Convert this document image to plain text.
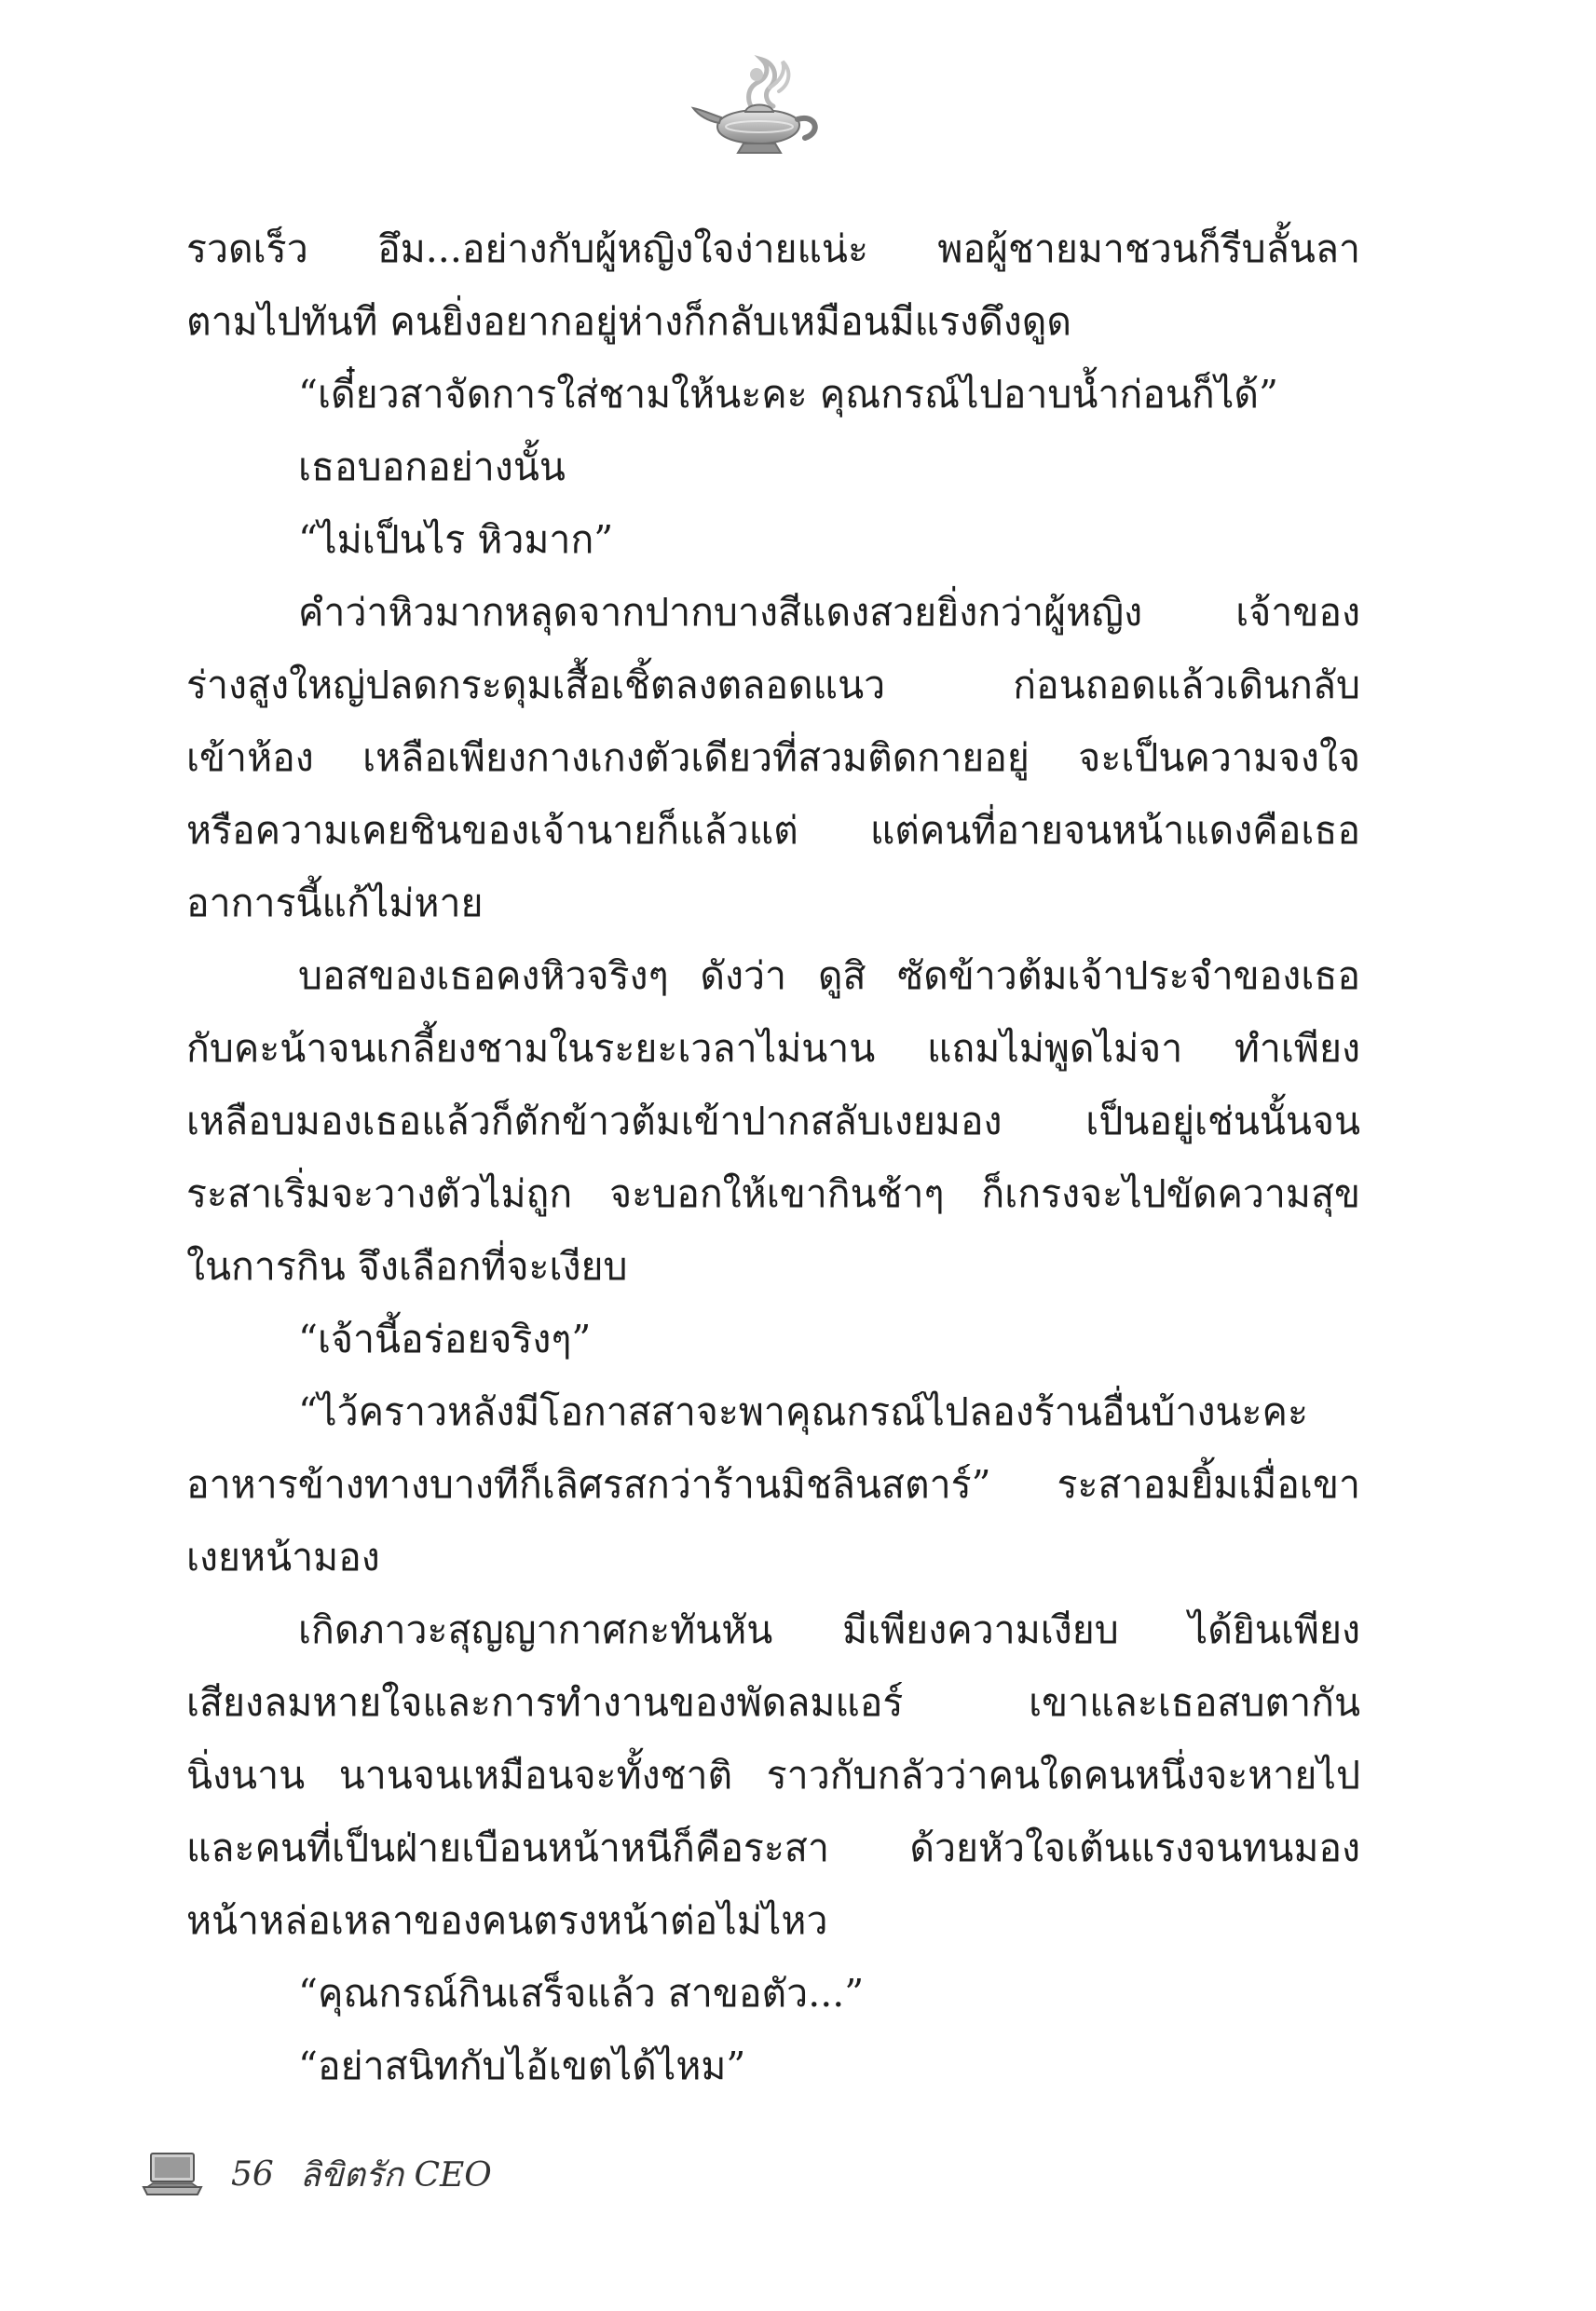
รวดเร็ว อึม...อย่างกับผู้หญิงใจง่ายแน่ะ พอผู้ชายมาชวนก็รีบลั้นลา
ตามไปทันที คนยิ่งอยากอยู่ห่างก็กลับเหมือนมีแรงดึงดูด
“เดี๋ยวสาจัดการใส่ชามให้นะคะ คุณกรณ์ไปอาบน้ำก่อนก็ได้”
เธอบอกอย่างนั้น
“ไม่เป็นไร หิวมาก”
คำว่าหิวมากหลุดจากปากบางสีแดงสวยยิ่งกว่าผู้หญิง เจ้าของ
ร่างสูงใหญ่ปลดกระดุมเสื้อเชิ้ตลงตลอดแนว ก่อนถอดแล้วเดินกลับ
เข้าห้อง เหลือเพียงกางเกงตัวเดียวที่สวมติดกายอยู่ จะเป็นความจงใจ
หรือความเคยชินของเจ้านายก็แล้วแต่ แต่คนที่อายจนหน้าแดงคือเธอ
อาการนี้แก้ไม่หาย
บอสของเธอคงหิวจริงๆ ดังว่า ดูสิ ซัดข้าวต้มเจ้าประจำของเธอ
กับคะน้าจนเกลี้ยงชามในระยะเวลาไม่นาน แถมไม่พูดไม่จา ทำเพียง
เหลือบมองเธอแล้วก็ตักข้าวต้มเข้าปากสลับเงยมอง เป็นอยู่เช่นนั้นจน
ระสาเริ่มจะวางตัวไม่ถูก จะบอกให้เขากินช้าๆ ก็เกรงจะไปขัดความสุข
ในการกิน จึงเลือกที่จะเงียบ
“เจ้านี้อร่อยจริงๆ”
“ไว้คราวหลังมีโอกาสสาจะพาคุณกรณ์ไปลองร้านอื่นบ้างนะคะ
อาหารข้างทางบางทีก็เลิศรสกว่าร้านมิชลินสตาร์” ระสาอมยิ้มเมื่อเขา
เงยหน้ามอง
เกิดภาวะสุญญากาศกะทันหัน มีเพียงความเงียบ ได้ยินเพียง
เสียงลมหายใจและการทำงานของพัดลมแอร์ เขาและเธอสบตากัน
นิ่งนาน นานจนเหมือนจะทั้งชาติ ราวกับกลัวว่าคนใดคนหนึ่งจะหายไป
และคนที่เป็นฝ่ายเบือนหน้าหนีก็คือระสา ด้วยหัวใจเต้นแรงจนทนมอง
หน้าหล่อเหลาของคนตรงหน้าต่อไม่ไหว
“คุณกรณ์กินเสร็จแล้ว สาขอตัว...”
“อย่าสนิทกับไอ้เขตได้ไหม”
56 ลิขิตรัก CEO
